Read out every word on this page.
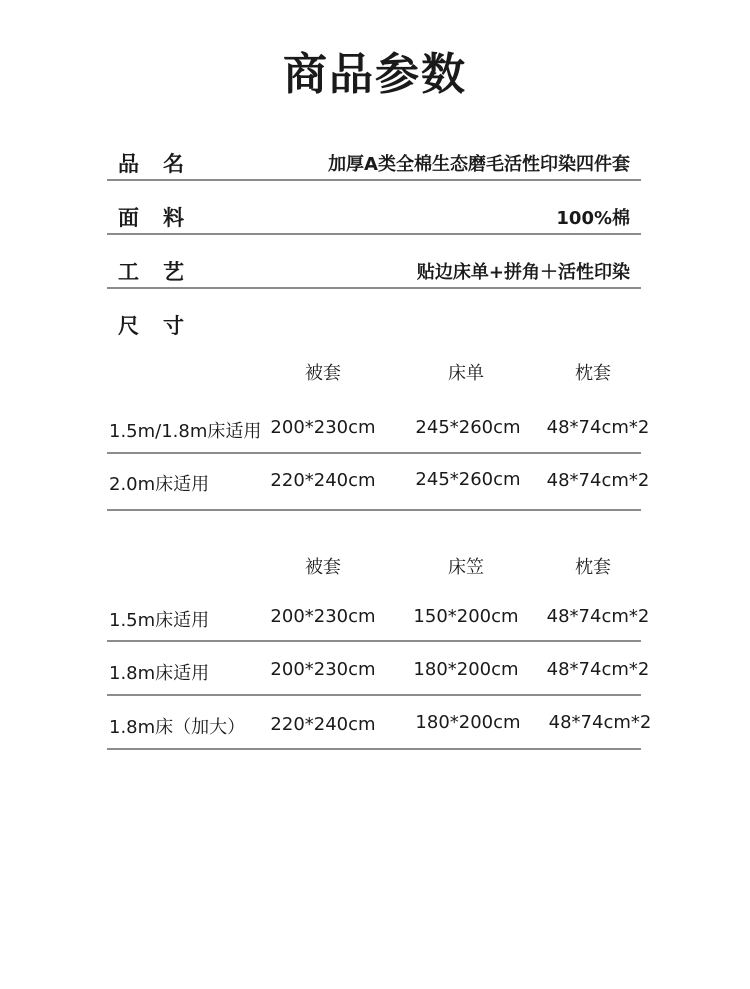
商品参数
品 名	加厚A类全棉生态磨毛活性印染四件套
面 料	100%棉
工 艺	贴边床单+拼角＋活性印染
尺 寸
被套	床单	枕套
1.5m/1.8m床适用 200*230cm	245*260cm	48*74cm*2
2.0m床适用	220*240cm	245*260cm	48*74cm*2
被套	床笠	枕套
1.5m床适用	200*230cm	150*200cm	48*74cm*2
1.8m床适用	200*230cm	180*200cm	48*74cm*2
1.8m床（加大）	220*240cm	180*200cm	48*74cm*2
